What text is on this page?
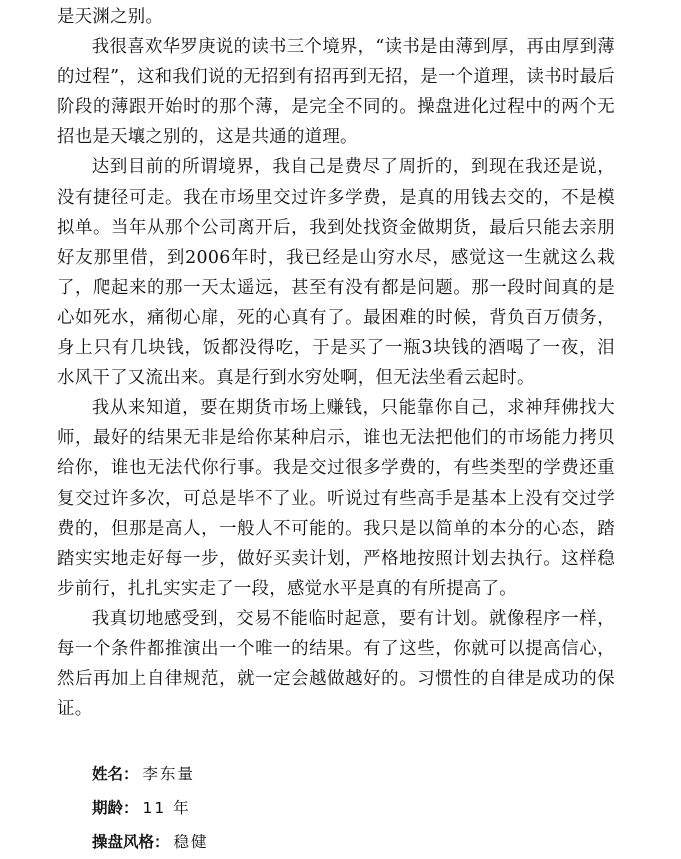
是天渊之别。

我很喜欢华罗庚说的读书三个境界，“读书是由薄到厚，再由厚到薄的过程”，这和我们说的无招到有招再到无招，是一个道理，读书时最后阶段的薄跟开始时的那个薄，是完全不同的。操盘进化过程中的两个无招也是天壤之别的，这是共通的道理。

达到目前的所谓境界，我自己是费尽了周折的，到现在我还是说，没有捷径可走。我在市场里交过许多学费，是真的用钱去交的，不是模拟单。当年从那个公司离开后，我到处找资金做期货，最后只能去亲朋好友那里借，到2006年时，我已经是山穷水尽，感觉这一生就这么栽了，爬起来的那一天太遥远，甚至有没有都是问题。那一段时间真的是心如死水，痛彻心扉，死的心真有了。最困难的时候，背负百万债务，身上只有几块钱，饭都没得吃，于是买了一瓶3块钱的酒喝了一夜，泪水风干了又流出来。真是行到水穷处啊，但无法坐看云起时。

我从来知道，要在期货市场上赚钱，只能靠你自己，求神拜佛找大师，最好的结果无非是给你某种启示，谁也无法把他们的市场能力拷贝给你，谁也无法代你行事。我是交过很多学费的，有些类型的学费还重复交过许多次，可总是毕不了业。听说过有些高手是基本上没有交过学费的，但那是高人，一般人不可能的。我只是以简单的本分的心态，踏踏实实地走好每一步，做好买卖计划，严格地按照计划去执行。这样稳步前行，扎扎实实走了一段，感觉水平是真的有所提高了。

我真切地感受到，交易不能临时起意，要有计划。就像程序一样，每一个条件都推演出一个唯一的结果。有了这些，你就可以提高信心，然后再加上自律规范，就一定会越做越好的。习惯性的自律是成功的保证。

姓名： 李东量
期龄： 11 年
操盘风格： 稳健
